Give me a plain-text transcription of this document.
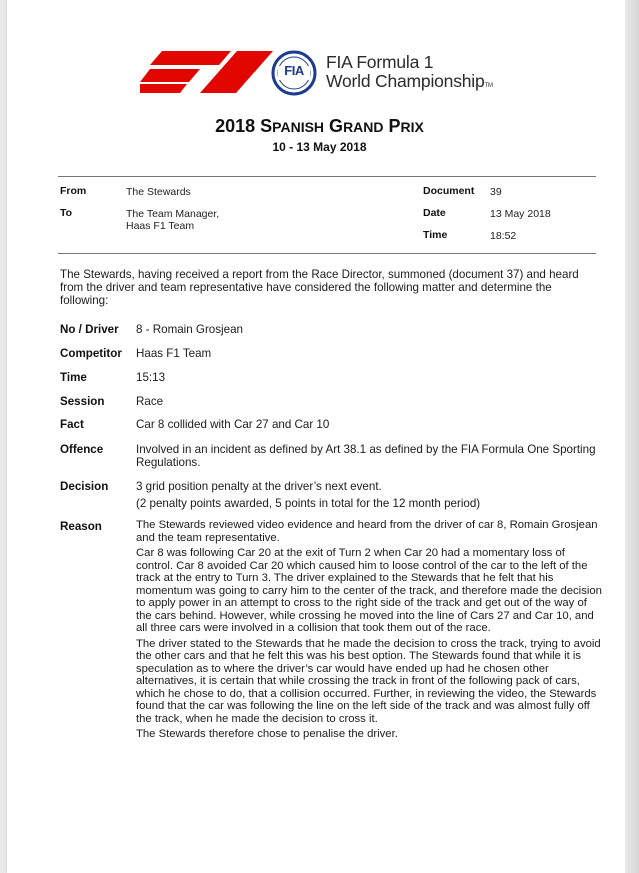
FIA	FIA Formula 1
World ChampionshipTM
2018 SPANISH GRAND PRIX
10 - 13 May 2018
From	The Stewards
To	The Team Manager,
Haas F1 Team
Document 39
Date	13 May 2018
Time	18:52
The Stewards, having received a report from the Race Director, summoned (document 37) and heard from the driver and team representative have considered the following matter and determine the following:
No / Driver 8 - Romain Grosjean
Competitor Haas F1 Team
Time	15:13
Session	Race
Fact	Car 8 collided with Car 27 and Car 10
Offence	Involved in an incident as defined by Art 38.1 as defined by the FIA Formula One Sporting Regulations.
Decision 3 grid position penalty at the driver’s next event.
(2 penalty points awarded, 5 points in total for the 12 month period)
Reason	The Stewards reviewed video evidence and heard from the driver of car 8, Romain Grosjean and the team representative.

Car 8 was following Car 20 at the exit of Turn 2 when Car 20 had a momentary loss of control. Car 8 avoided Car 20 which caused him to loose control of the car to the left of the track at the entry to Turn 3. The driver explained to the Stewards that he felt that his momentum was going to carry him to the center of the track, and therefore made the decision to apply power in an attempt to cross to the right side of the track and get out of the way of the cars behind. However, while crossing he moved into the line of Cars 27 and Car 10, and all three cars were involved in a collision that took them out of the race.

The driver stated to the Stewards that he made the decision to cross the track, trying to avoid the other cars and that he felt this was his best option. The Stewards found that while it is speculation as to where the driver’s car would have ended up had he chosen other alternatives, it is certain that while crossing the track in front of the following pack of cars, which he chose to do, that a collision occurred. Further, in reviewing the video, the Stewards found that the car was following the line on the left side of the track and was almost fully off the track, when he made the decision to cross it.

The Stewards therefore chose to penalise the driver.
